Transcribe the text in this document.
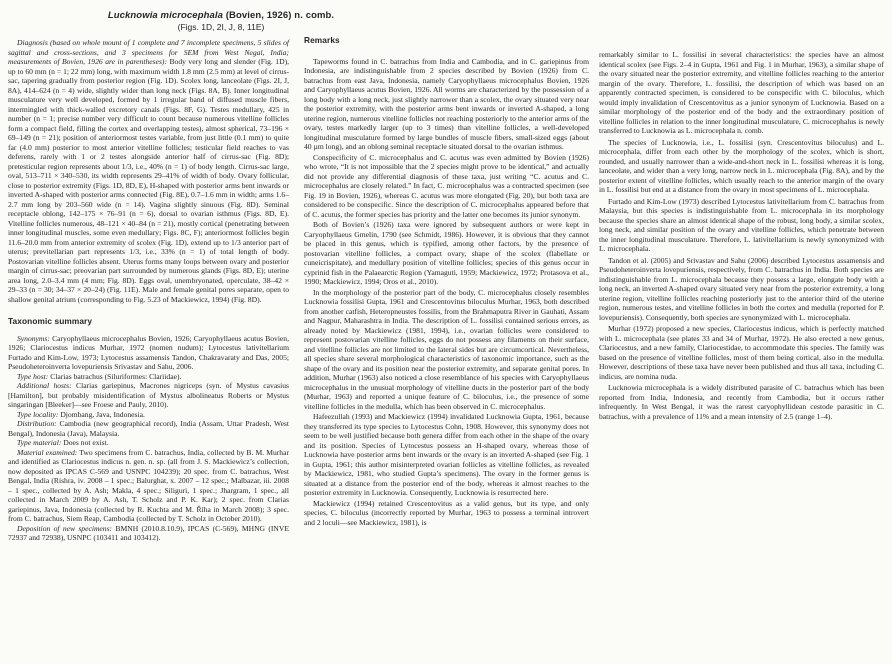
Lucknowia microcephala (Bovien, 1926) n. comb.
(Figs. 1D, 2I, J, 8, 11E)

Diagnosis (based on whole mount of 1 complete and 7 incomplete specimens, 5 slides of sagittal and cross-sections, and 3 specimens for SEM from West Negal, India; measurements of Bovien, 1926 are in parentheses): Body very long and slender (Fig. 1D), up to 60 mm (n = 1; 22 mm) long, with maximum width 1.8 mm (2.5 mm) at level of cirrus-sac, tapering gradually from posterior region (Fig. 1D). Scolex long, lanceolate (Figs. 2I, J, 8A), 414–624 (n = 4) wide, slightly wider than long neck (Figs. 8A, B). Inner longitudinal musculature very well developed, formed by 1 irregular band of diffused muscle fibers, intermingled with thick-walled excretory canals (Figs. 8F, G). Testes medullary, 425 in number (n = 1; precise number very difficult to count because numerous vitelline follicles form a compact field, filling the cortex and overlapping testes), almost spherical, 73–196 × 69–149 (n = 21); position of anteriormost testes variable, from just little (0.1 mm) to quite far (4.0 mm) posterior to most anterior vitelline follicles; testicular field reaches to vas deferens, rarely with 1 or 2 testes alongside anterior half of cirrus-sac (Fig. 8D); pretesticular region represents about 1/3, i.e., 40% (n = 1) of body length. Cirrus-sac large, oval, 513–711 × 340–530, its width represents 29–41% of width of body. Ovary follicular, close to posterior extremity (Figs. 1D, 8D, E), H-shaped with posterior arms bent inwards or inverted A-shaped with posterior arms connected (Fig. 8E), 0.7–1.6 mm in width; arms 1.6–2.7 mm long by 203–560 wide (n = 14). Vagina slightly sinuous (Fig. 8D). Seminal receptacle oblong, 142–175 × 76–91 (n = 6), dorsal to ovarian isthmus (Figs. 8D, E). Vitelline follicles numerous, 48–121 × 40–84 (n = 21), mostly cortical (penetrating between inner longitudinal muscles, some even medullary; Figs. 8C, F); anteriormost follicles begin 11.6–20.0 mm from anterior extremity of scolex (Fig. 1D), extend up to 1/3 anterior part of uterus; previtellarian part represents 1/3, i.e., 33% (n = 1) of total length of body. Postovarian vitelline follicles absent. Uterus forms many loops between ovary and posterior margin of cirrus-sac; preovarian part surrounded by numerous glands (Figs. 8D, E); uterine area long, 2.0–3.4 mm (4 mm; Fig. 8D). Eggs oval, unembryonated, operculate, 38–42 × 29–33 (n = 30; 34–37 × 20–24) (Fig. 11E). Male and female genital pores separate, open to shallow genital atrium (corresponding to Fig. 5.23 of Mackiewicz, 1994) (Fig. 8D).

Taxonomic summary

Synonyms: Caryophyllaeus microcephalus Bovien, 1926; Caryophyllaeus acutus Bovien, 1926; Clariocestus indicus Murhar, 1972 (nomen nudum); Lytocestus lativitellarium Furtado and Kim-Low, 1973; Lytocestus assamensis Tandon, Chakravaraty and Das, 2005; Pseudoheteroinverta lovepuriensis Srivastav and Sahu, 2006.

Type host: Clarias batrachus (Siluriformes: Clariidae).

Additional hosts: Clarias gariepinus, Macrones nigriceps (syn. of Mystus cavasius [Hamilton], but probably misidentification of Mystus albolineatus Roberts or Mystus singaringan [Bleeker]—see Froese and Pauly, 2010).

Type locality: Djombang, Java, Indonesia.

Distribution: Cambodia (new geographical record), India (Assam, Uttar Pradesh, West Bengal), Indonesia (Java), Malaysia.

Type material: Does not exist.

Material examined: Two specimens from C. batrachus, India, collected by B. M. Murhar and identified as Clariocestus indicus n. gen. n. sp. (all from J. S. Mackiewicz’s collection, now deposited as IPCAS C-569 and USNPC 104239); 20 spec. from C. batrachus, West Bengal, India (Rishra, iv. 2008 – 1 spec.; Balurghat, x. 2007 – 12 spec.; Malbazar, iii. 2008 – 1 spec., collected by A. Ash; Makla, 4 spec.; Siliguri, 1 spec.; Jhargram, 1 spec., all collected in March 2009 by A. Ash, T. Scholz and P. K. Kar); 2 spec. from Clarias gariepinus, Java, Indonesia (collected by R. Kuchta and M. Říha in March 2008); 3 spec. from C. batrachus, Siem Reap, Cambodia (collected by T. Scholz in October 2010).

Deposition of new specimens: BMNH (2010.8.10.9), IPCAS (C-569), MHNG (INVE 72937 and 72938), USNPC (103411 and 103412).

Remarks

Tapeworms found in C. batrachus from India and Cambodia, and in C. gariepinus from Indonesia, are indistinguishable from 2 species described by Bovien (1926) from C. batrachus from east Java, Indonesia, namely Caryophyllaeus microcephalus Bovien, 1926 and Caryophyllaeus acutus Bovien, 1926. All worms are characterized by the possession of a long body with a long neck, just slightly narrower than a scolex, the ovary situated very near the posterior extremity, with the posterior arms bent inwards or inverted A-shaped, a long uterine region, numerous vitelline follicles not reaching posteriorly to the anterior arms of the ovary, testes markedly larger (up to 3 times) than vitelline follicles, a well-developed longitudinal musculature formed by large bundles of muscle fibers, small-sized eggs (about 40 µm long), and an oblong seminal receptacle situated dorsal to the ovarian isthmus.

Conspecificity of C. microcephalus and C. acutus was even admitted by Bovien (1926) who wrote, “It is not impossible that the 2 species might prove to be identical,” and actually did not provide any differential diagnosis of these taxa, just writing “C. acutus and C. microcephalus are closely related.” In fact, C. microcephalus was a contracted specimen (see Fig. 19 in Bovien, 1926), whereas C. acutus was more elongated (Fig. 20), but both taxa are considered to be conspecific. Since the description of C. microcephalus appeared before that of C. acutus, the former species has priority and the latter one becomes its junior synonym.

Both of Bovien’s (1926) taxa were ignored by subsequent authors or were kept in Caryophyllaeus Gmelin, 1790 (see Schmidt, 1986). However, it is obvious that they cannot be placed in this genus, which is typified, among other factors, by the presence of postovarian vitelline follicles, a compact ovary, shape of the scolex (flabellate or cuneicrispitate), and medullary position of vitelline follicles; species of this genus occur in cyprinid fish in the Palaearctic Region (Yamaguti, 1959; Mackiewicz, 1972; Protasova et al., 1990; Mackiewicz, 1994; Oros et al., 2010).

In the morphology of the posterior part of the body, C. microcephalus closely resembles Lucknowia fossilisi Gupta, 1961 and Crescentovitus biloculus Murhar, 1963, both described from another catfish, Heteropneustes fossilis, from the Brahmaputra River in Gauhati, Assam and Nagpur, Maharashtra in India. The description of L. fossilisi contained serious errors, as already noted by Mackiewicz (1981, 1994), i.e., ovarian follicles were considered to represent postovarian vitelline follicles, eggs do not possess any filaments on their surface, and vitelline follicles are not limited to the lateral sides but are circumcortical. Nevertheless, all species share several morphological characteristics of taxonomic importance, such as the shape of the ovary and its position near the posterior extremity, and separate genital pores. In addition, Murhar (1963) also noticed a close resemblance of his species with Caryophyllaeus microcephalus in the unusual morphology of vitelline ducts in the posterior part of the body (Murhar, 1963) and reported a unique feature of C. biloculus, i.e., the presence of some vitelline follicles in the medulla, which has been observed in C. microcephalus.

Hafeezullah (1993) and Mackiewicz (1994) invalidated Lucknowia Gupta, 1961, because they transferred its type species to Lytocestus Cohn, 1908. However, this synonymy does not seem to be well justified because both genera differ from each other in the shape of the ovary and its position. Species of Lytocestus possess an H-shaped ovary, whereas those of Lucknowia have posterior arms bent inwards or the ovary is an inverted A-shaped (see Fig. 1 in Gupta, 1961; this author misinterpreted ovarian follicles as vitelline follicles, as revealed by Mackiewicz, 1981, who studied Gupta’s specimens). The ovary in the former genus is situated at a distance from the posterior end of the body, whereas it almost reaches to the posterior extremity in Lucknowia. Consequently, Lucknowia is resurrected here.

Mackiewicz (1994) retained Crescentovitus as a valid genus, but its type, and only species, C. biloculus (incorrectly reported by Murhar, 1963 to possess a terminal introvert and 2 loculi—see Mackiewicz, 1981), is

remarkably similar to L. fossilisi in several characteristics: the species have an almost identical scolex (see Figs. 2–4 in Gupta, 1961 and Fig. 1 in Murhar, 1963), a similar shape of the ovary situated near the posterior extremity, and vitelline follicles reaching to the anterior margin of the ovary. Therefore, L. fossilisi, the description of which was based on an apparently contracted specimen, is considered to be conspecific with C. biloculus, which would imply invalidation of Crescentovitus as a junior synonym of Lucknowia. Based on a similar morphology of the posterior end of the body and the extraordinary position of vitelline follicles in relation to the inner longitudinal musculature, C. microcephalus is newly transferred to Lucknowia as L. microcephala n. comb.

The species of Lucknowia, i.e., L. fossilisi (syn. Crescentovitus biloculus) and L. microcephala, differ from each other by the morphology of the scolex, which is short, rounded, and usually narrower than a wide-and-short neck in L. fossilisi whereas it is long, lanceolate, and wider than a very long, narrow neck in L. microcephala (Fig. 8A), and by the posterior extent of vitelline follicles, which usually reach to the anterior margin of the ovary in L. fossilisi but end at a distance from the ovary in most specimens of L. microcephala.

Furtado and Kim-Low (1973) described Lytocestus lativitellarium from C. batrachus from Malaysia, but this species is indistinguishable from L. microcephala in its morphology because the species share an almost identical shape of the robust, long body, a similar scolex, long neck, and similar position of the ovary and vitelline follicles, which penetrate between the inner longitudinal musculature. Therefore, L. lativitellarium is newly synonymized with L. microcephala.

Tandon et al. (2005) and Srivastav and Sahu (2006) described Lytocestus assamensis and Pseudoheteroinverta lovepuriensis, respectively, from C. batrachus in India. Both species are indistinguishable from L. microcephala because they possess a large, elongate body with a long neck, an inverted A-shaped ovary situated very near from the posterior extremity, a long uterine region, vitelline follicles reaching posteriorly just to the anterior third of the uterine region, numerous testes, and vitelline follicles in both the cortex and medulla (reported for P. lovepuriensis). Consequently, both species are synonymized with L. microcephala.

Murhar (1972) proposed a new species, Clariocestus indicus, which is perfectly matched with L. microcephala (see plates 33 and 34 of Murhar, 1972). He also erected a new genus, Clariocestus, and a new family, Clariocestidae, to accommodate this species. The family was based on the presence of vitelline follicles, most of them being cortical, also in the medulla. However, descriptions of these taxa have never been published and thus all taxa, including C. indicus, are nomina nuda.

Lucknowia microcephala is a widely distributed parasite of C. batrachus which has been reported from India, Indonesia, and recently from Cambodia, but it occurs rather infrequently. In West Bengal, it was the rarest caryophyllidean cestode parasitic in C. batrachus, with a prevalence of 11% and a mean intensity of 2.5 (range 1–4).
